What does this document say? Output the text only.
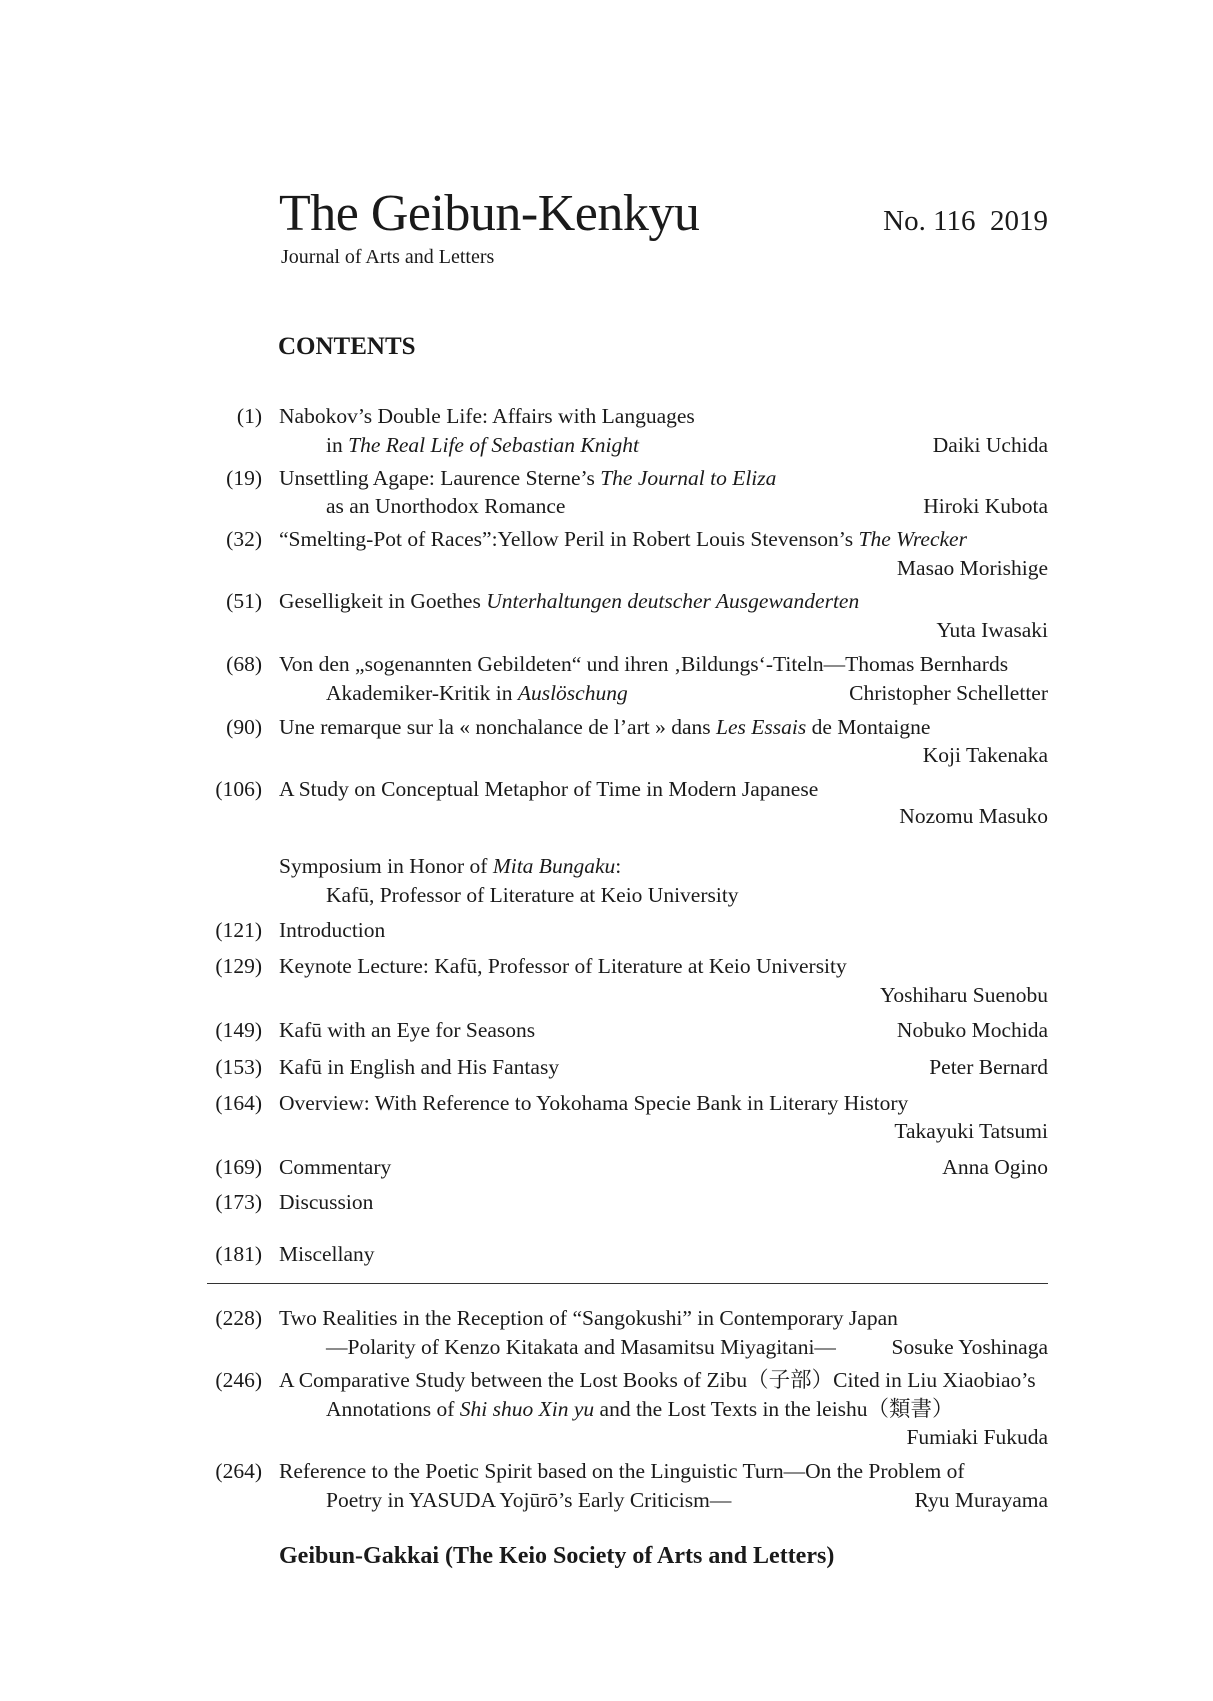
The Geibun-Kenkyu
Journal of Arts and Letters
No. 116  2019
CONTENTS
(1) Nabokov’s Double Life: Affairs with Languages
in The Real Life of Sebastian Knight	Daiki Uchida
(19) Unsettling Agape: Laurence Sterne’s The Journal to Eliza
as an Unorthodox Romance	Hiroki Kubota
(32) “Smelting-Pot of Races”:Yellow Peril in Robert Louis Stevenson’s The Wrecker
Masao Morishige
(51) Geselligkeit in Goethes Unterhaltungen deutscher Ausgewanderten
Yuta Iwasaki
(68) Von den „sogenannten Gebildeten“ und ihren ‚Bildungs‘-Titeln—Thomas Bernhards
Akademiker-Kritik in Auslöschung	Christopher Schelletter
(90) Une remarque sur la « nonchalance de l’art » dans Les Essais de Montaigne
Koji Takenaka
(106) A Study on Conceptual Metaphor of Time in Modern Japanese
Nozomu Masuko
Symposium in Honor of Mita Bungaku:
Kafū, Professor of Literature at Keio University
(121) Introduction
(129) Keynote Lecture: Kafū, Professor of Literature at Keio University
Yoshiharu Suenobu
(149) Kafū with an Eye for Seasons	Nobuko Mochida
(153) Kafū in English and His Fantasy	Peter Bernard
(164) Overview: With Reference to Yokohama Specie Bank in Literary History
Takayuki Tatsumi
(169) Commentary	Anna Ogino
(173) Discussion
(181) Miscellany
(228) Two Realities in the Reception of “Sangokushi” in Contemporary Japan
—Polarity of Kenzo Kitakata and Masamitsu Miyagitani—	Sosuke Yoshinaga
(246) A Comparative Study between the Lost Books of Zibu（子部）Cited in Liu Xiaobiao’s
Annotations of Shi shuo Xin yu and the Lost Texts in the leishu（類書）
Fumiaki Fukuda
(264) Reference to the Poetic Spirit based on the Linguistic Turn—On the Problem of
Poetry in YASUDA Yojūrō’s Early Criticism—	Ryu Murayama
Geibun-Gakkai (The Keio Society of Arts and Letters)
